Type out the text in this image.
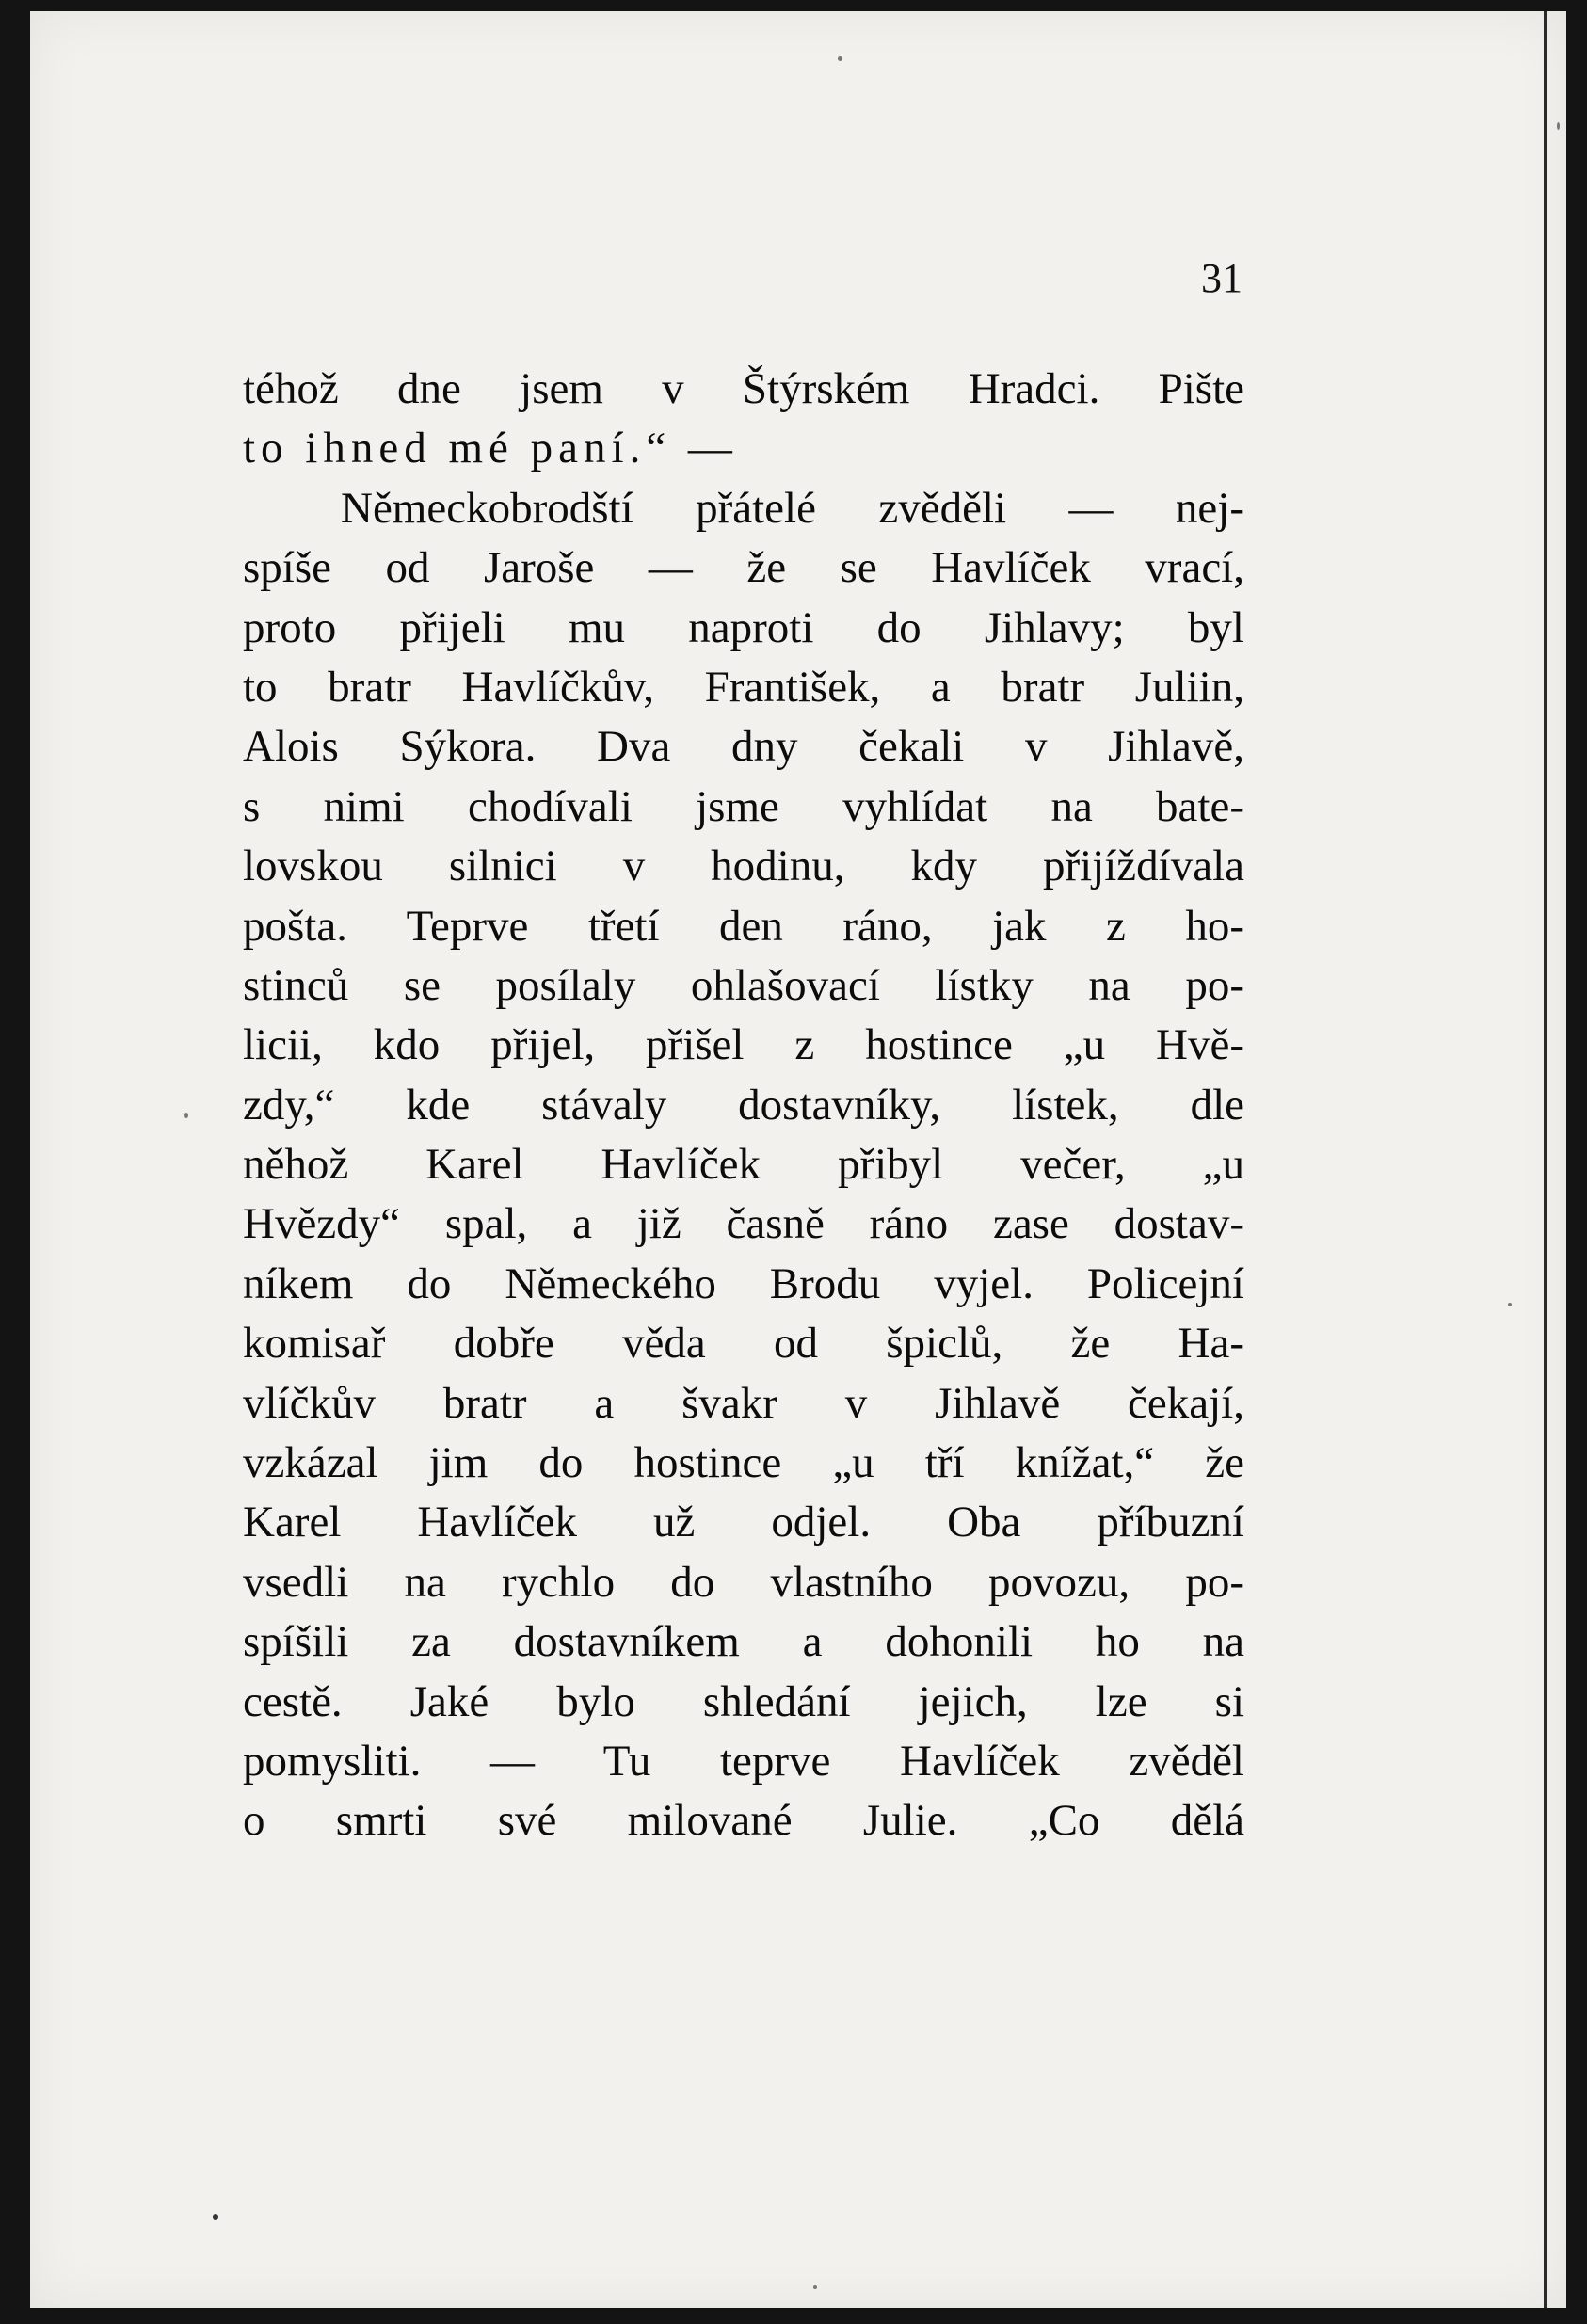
31
téhož dne jsem v Štýrském Hradci. Pište
to ihned mé paní.“ —
Německobrodští přátelé zvěděli — nej-
spíše od Jaroše — že se Havlíček vrací,
proto přijeli mu naproti do Jihlavy; byl
to bratr Havlíčkův, František, a bratr Juliin,
Alois Sýkora. Dva dny čekali v Jihlavě,
s nimi chodívali jsme vyhlídat na bate-
lovskou silnici v hodinu, kdy přijíždívala
pošta. Teprve třetí den ráno, jak z ho-
stinců se posílaly ohlašovací lístky na po-
licii, kdo přijel, přišel z hostince „u Hvě-
zdy,“ kde stávaly dostavníky, lístek, dle
něhož Karel Havlíček přibyl večer, „u
Hvězdy“ spal, a již časně ráno zase dostav-
níkem do Německého Brodu vyjel. Policejní
komisař dobře věda od špiclů, že Ha-
vlíčkův bratr a švakr v Jihlavě čekají,
vzkázal jim do hostince „u tří knížat,“ že
Karel Havlíček už odjel. Oba příbuzní
vsedli na rychlo do vlastního povozu, po-
spíšili za dostavníkem a dohonili ho na
cestě. Jaké bylo shledání jejich, lze si
pomysliti. — Tu teprve Havlíček zvěděl
o smrti své milované Julie. „Co dělá
